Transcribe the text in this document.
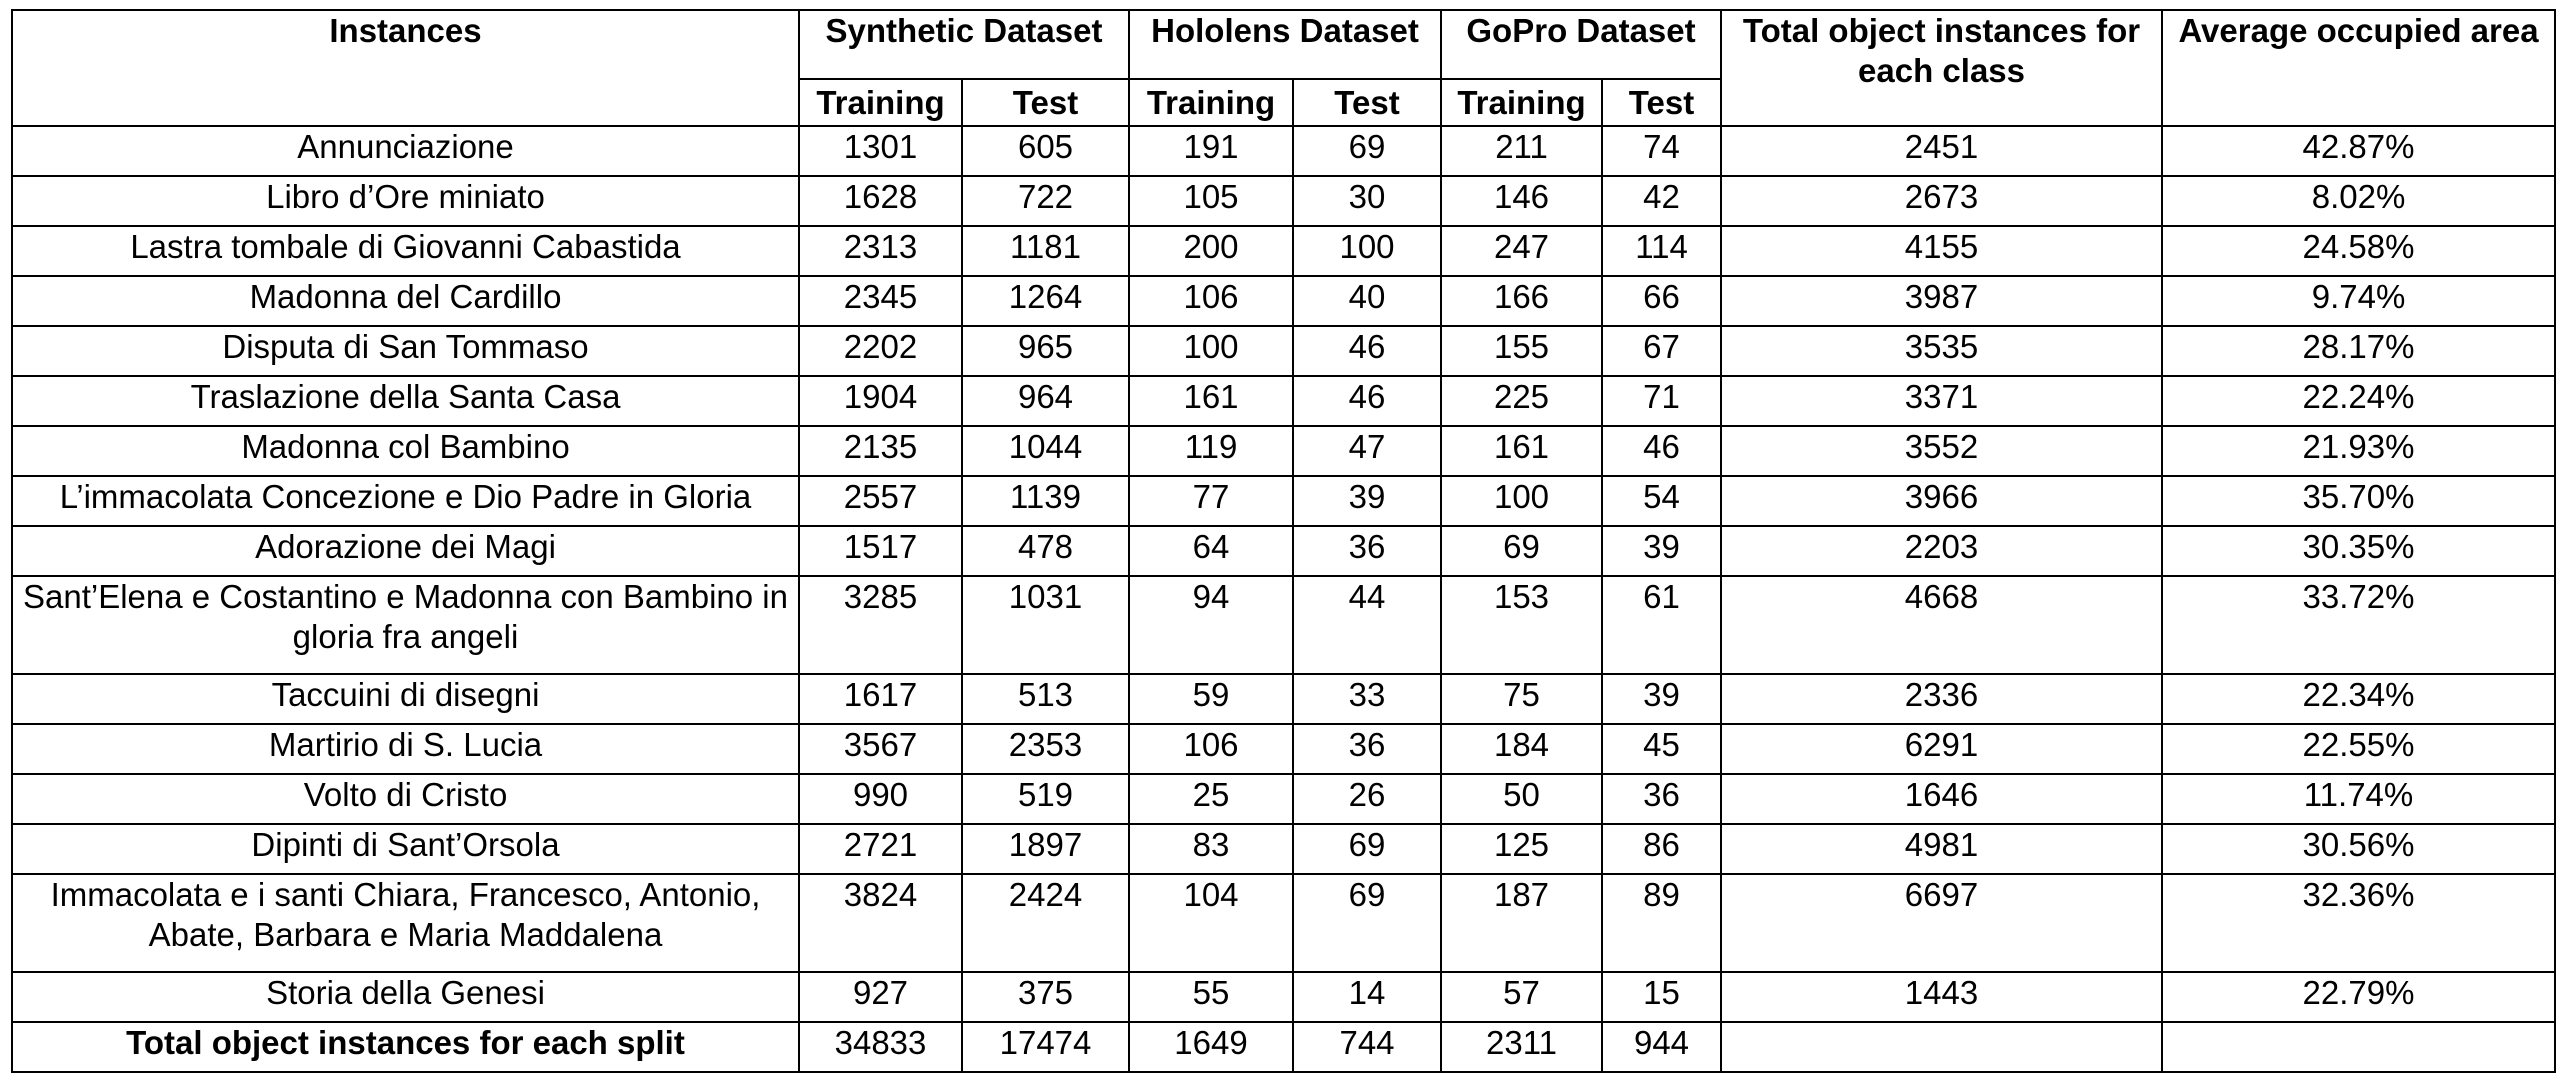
Instances	Synthetic Dataset		Hololens Dataset		GoPro Dataset		Total object instances for each class	Average occupied area
	Training	Test	Training	Test	Training	Test		
Annunciazione	1301	605	191	69	211	74	2451	42.87%
Libro d’Ore miniato	1628	722	105	30	146	42	2673	8.02%
Lastra tombale di Giovanni Cabastida	2313	1181	200	100	247	114	4155	24.58%
Madonna del Cardillo	2345	1264	106	40	166	66	3987	9.74%
Disputa di San Tommaso	2202	965	100	46	155	67	3535	28.17%
Traslazione della Santa Casa	1904	964	161	46	225	71	3371	22.24%
Madonna col Bambino	2135	1044	119	47	161	46	3552	21.93%
L’immacolata Concezione e Dio Padre in Gloria	2557	1139	77	39	100	54	3966	35.70%
Adorazione dei Magi	1517	478	64	36	69	39	2203	30.35%
Sant’Elena e Costantino e Madonna con Bambino in gloria fra angeli	3285	1031	94	44	153	61	4668	33.72%
Taccuini di disegni	1617	513	59	33	75	39	2336	22.34%
Martirio di S. Lucia	3567	2353	106	36	184	45	6291	22.55%
Volto di Cristo	990	519	25	26	50	36	1646	11.74%
Dipinti di Sant’Orsola	2721	1897	83	69	125	86	4981	30.56%
Immacolata e i santi Chiara, Francesco, Antonio, Abate, Barbara e Maria Maddalena	3824	2424	104	69	187	89	6697	32.36%
Storia della Genesi	927	375	55	14	57	15	1443	22.79%
Total object instances for each split	34833	17474	1649	744	2311	944		
